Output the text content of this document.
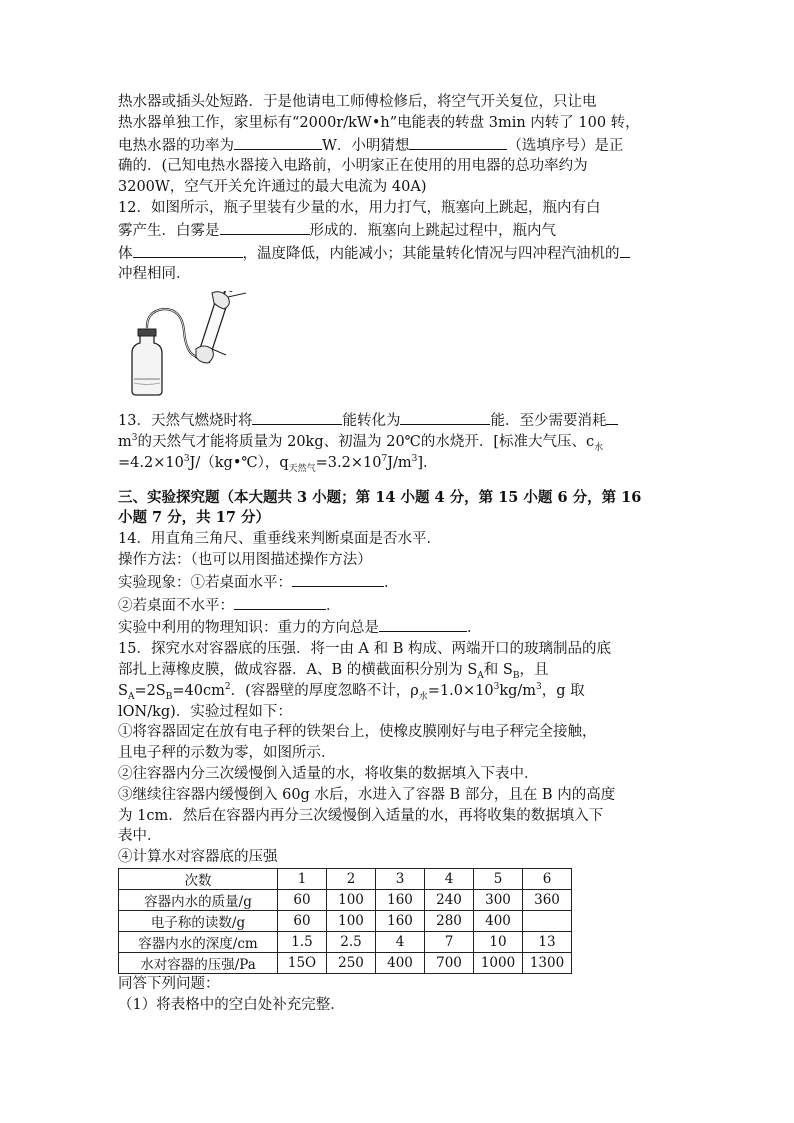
热水器或插头处短路．于是他请电工师傅检修后，将空气开关复位，只让电
热水器单独工作，家里标有“2000r/kW•h”电能表的转盘 3min 内转了 100 转，
电热水器的功率为	W．小明猜想	（选填序号）是正
确的．(己知电热水器接入电路前，小明家正在使用的用电器的总功率约为
3200W，空气开关允许通过的最大电流为 40A)
12．如图所示，瓶子里装有少量的水，用力打气，瓶塞向上跳起，瓶内有白
雾产生．白雾是	形成的．瓶塞向上跳起过程中，瓶内气
体	，温度降低，内能减小；其能量转化情况与四冲程汽油机的
冲程相同．
13．天然气燃烧时将	能转化为	能．至少需要消耗
$m^3$的天然气才能将质量为 20kg、初温为 20℃的水烧开．[标准大气压、$c_水$
$=4.2\times 10^3J/(kg•℃)$，$q_{天然气}=3.2\times 10^7J/m^3$]．
三、实验探究题（本大题共 3 小题；第 14 小题 4 分，第 15 小题 6 分，第 16
小题 7 分，共 17 分）
14．用直角三角尺、重垂线来判断桌面是否水平．
操作方法：（也可以用图描述操作方法）
实验现象：①若桌面水平：	．
②若桌面不水平：	．
实验中利用的物理知识：重力的方向总是	．
15．探究水对容器底的压强．将一由 A 和 B 构成、两端开口的玻璃制品的底
部扎上薄橡皮膜，做成容器．A、B 的横截面积分别为 $S_A$和 $S_B$，且
$S_A=2S_B=40cm^2$．(容器壁的厚度忽略不计，$\rho_水=1.0\times 10^3kg/m^3$，g 取
lON/kg)．实验过程如下：
①将容器固定在放有电子秤的铁架台上，使橡皮膜刚好与电子秤完全接触，
且电子秤的示数为零，如图所示．
②往容器内分三次缓慢倒入适量的水，将收集的数据填入下表中．
③继续往容器内缓慢倒入 60g 水后，水进入了容器 B 部分，且在 B 内的高度
为 1cm．然后在容器内再分三次缓慢倒入适量的水，再将收集的数据填入下
表中．
④计算水对容器底的压强
次数	1	2	3	4	5	6
容器内水的质量/g	60	100	160	240	300	360
电子称的读数/g	60	100	160	280	400	
容器内水的深度/cm	1.5	2.5	4	7	10	13
水对容器的压强/Pa	15O	250	400	700	1000	1300
同答下列问题：
（1）将表格中的空白处补充完整．
